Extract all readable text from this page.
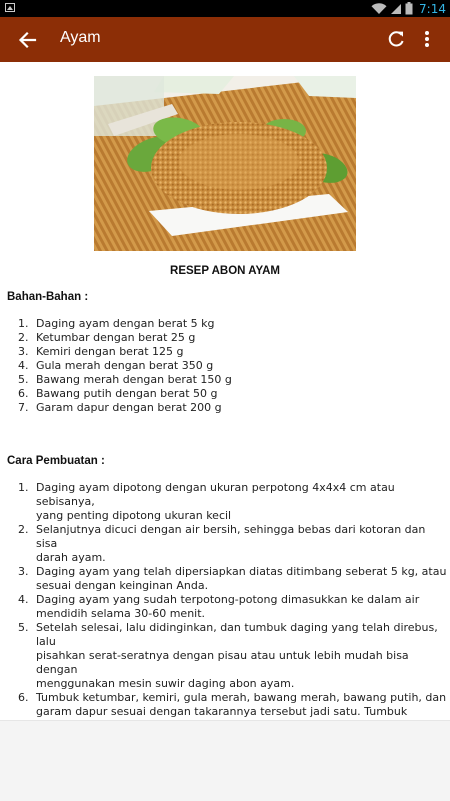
7:14
Ayam
RESEP ABON AYAM
Bahan-Bahan :
1. Daging ayam dengan berat 5 kg
2. Ketumbar dengan berat 25 g
3. Kemiri dengan berat 125 g
4. Gula merah dengan berat 350 g
5. Bawang merah dengan berat 150 g
6. Bawang putih dengan berat 50 g
7. Garam dapur dengan berat 200 g
Cara Pembuatan :
1. Daging ayam dipotong dengan ukuran perpotong 4x4x4 cm atau sebisanya,
yang penting dipotong ukuran kecil
2. Selanjutnya dicuci dengan air bersih, sehingga bebas dari kotoran dan sisa
darah ayam.
3. Daging ayam yang telah dipersiapkan diatas ditimbang seberat 5 kg, atau
sesuai dengan keinginan Anda.
4. Daging ayam yang sudah terpotong-potong dimasukkan ke dalam air
mendidih selama 30-60 menit.
5. Setelah selesai, lalu didinginkan, dan tumbuk daging yang telah direbus, lalu
pisahkan serat-seratnya dengan pisau atau untuk lebih mudah bisa dengan
menggunakan mesin suwir daging abon ayam.
6. Tumbuk ketumbar, kemiri, gula merah, bawang merah, bawang putih, dan
garam dapur sesuai dengan takarannya tersebut jadi satu. Tumbuk
